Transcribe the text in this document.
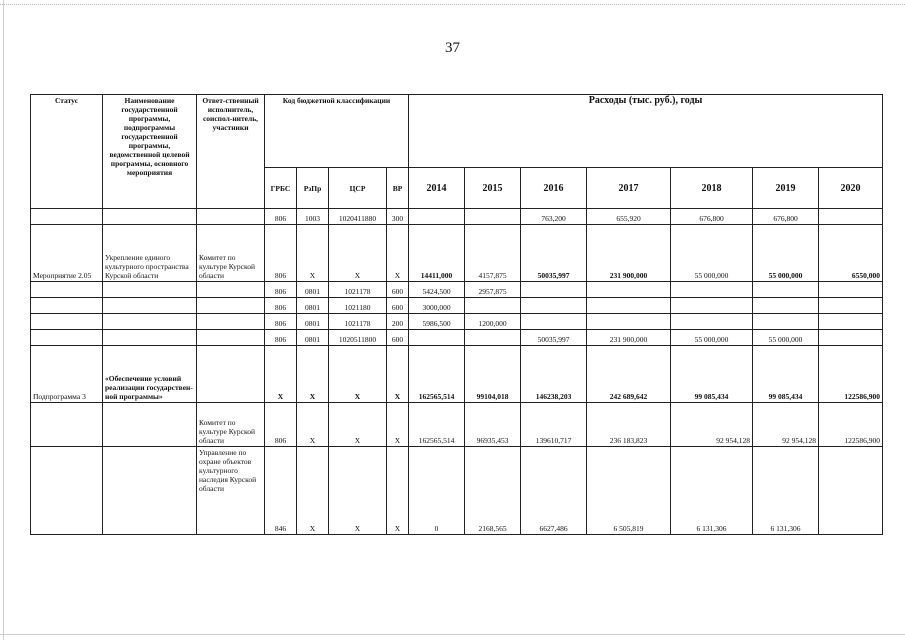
37
Статус	Наименование государственной программы, подпрограммы государственной программы, ведомственной целевой программы, основного мероприятия	Ответ-ственный исполнитель, соиспол-нитель, участники	Код бюджетной классификации				Расходы (тыс. руб.), годы						
			ГРБС	РзПр	ЦСР	ВР	2014	2015	2016	2017	2018	2019	2020
			806	1003	1020411880	300			763,200	655,920	676,800	676,800	
Мероприятие 2.05	Укрепление единого культурного пространства Курской области	Комитет по культуре Курской области	806	Х	Х	Х	14411,000	4157,875	50035,997	231 900,000	55 000,000	55 000,000	6550,000
			806	0801	1021178	600	5424,500	2957,875					
			806	0801	1021180	600	3000,000						
			806	0801	1021178	200	5986,500	1200,000					
			806	0801	1020511800	600			50035,997	231 900,000	55 000,000	55 000,000	
Подпрограмма 3	«Обеспечение условий реализации государствен-ной программы»		Х	Х	Х	Х	162565,514	99104,018	146238,203	242 689,642	99 085,434	99 085,434	122586,900
		Комитет по культуре Курской области	806	Х	Х	Х	162565,514	96935,453	139610,717	236 183,823	92 954,128	92 954,128	122586,900
		Управление по охране объектов культурного наследия Курской области	846	Х	Х	Х	0	2168,565	6627,486	6 505,819	6 131,306	6 131,306	
